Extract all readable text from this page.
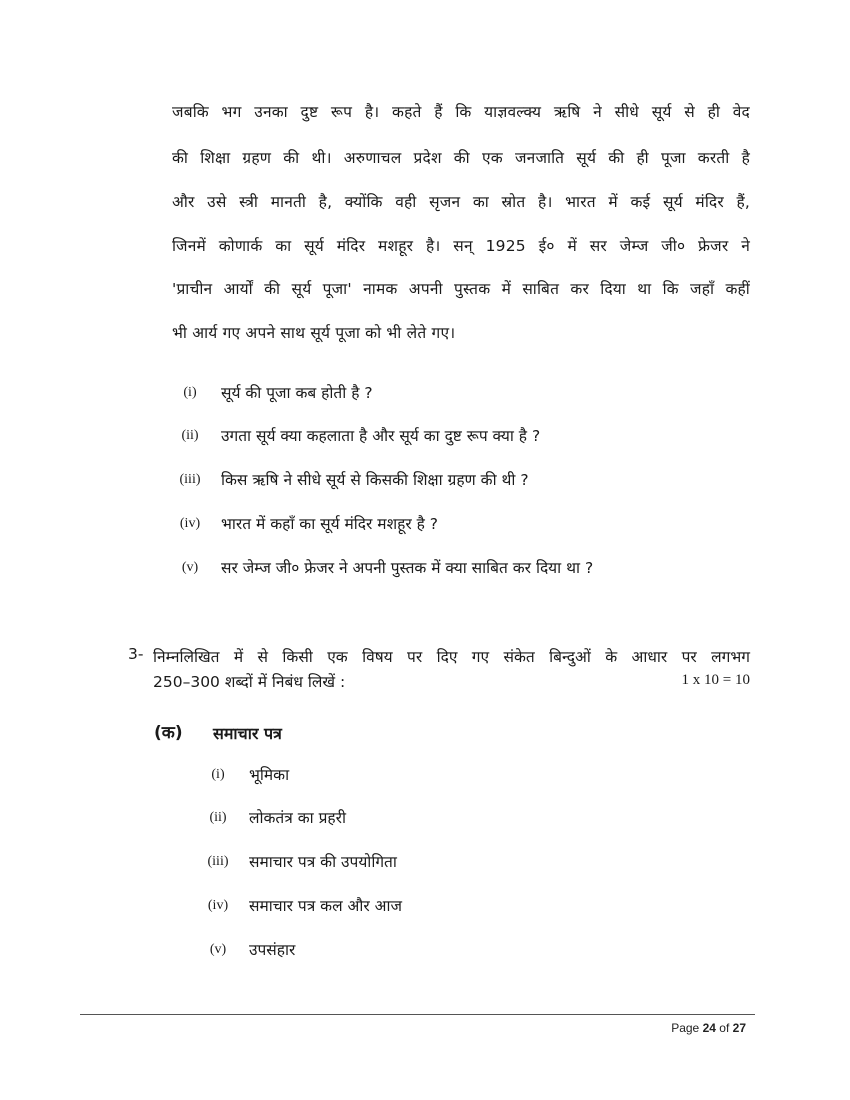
जबकि भग उनका दुष्ट रूप है। कहते हैं कि याज्ञवल्क्य ऋषि ने सीधे सूर्य से ही वेद
की शिक्षा ग्रहण की थी। अरुणाचल प्रदेश की एक जनजाति सूर्य की ही पूजा करती है
और उसे स्त्री मानती है, क्योंकि वही सृजन का स्रोत है। भारत में कई सूर्य मंदिर हैं,
जिनमें कोणार्क का सूर्य मंदिर मशहूर है। सन् 1925 ई० में सर जेम्ज जी० फ्रेजर ने
'प्राचीन आर्यों की सूर्य पूजा' नामक अपनी पुस्तक में साबित कर दिया था कि जहाँ कहीं
भी आर्य गए अपने साथ सूर्य पूजा को भी लेते गए।
(i)	सूर्य की पूजा कब होती है ?
(ii)	उगता सूर्य क्या कहलाता है और सूर्य का दुष्ट रूप क्या है ?
(iii)	किस ऋषि ने सीधे सूर्य से किसकी शिक्षा ग्रहण की थी ?
(iv)	भारत में कहाँ का सूर्य मंदिर मशहूर है ?
(v)	सर जेम्ज जी० फ्रेजर ने अपनी पुस्तक में क्या साबित कर दिया था ?
3- निम्नलिखित में से किसी एक विषय पर दिए गए संकेत बिन्दुओं के आधार पर लगभग
250–300 शब्दों में निबंध लिखें :	1 x 10 = 10
(क) समाचार पत्र
(i)	भूमिका
(ii)	लोकतंत्र का प्रहरी
(iii)	समाचार पत्र की उपयोगिता
(iv)	समाचार पत्र कल और आज
(v)	उपसंहार
Page 24 of 27
